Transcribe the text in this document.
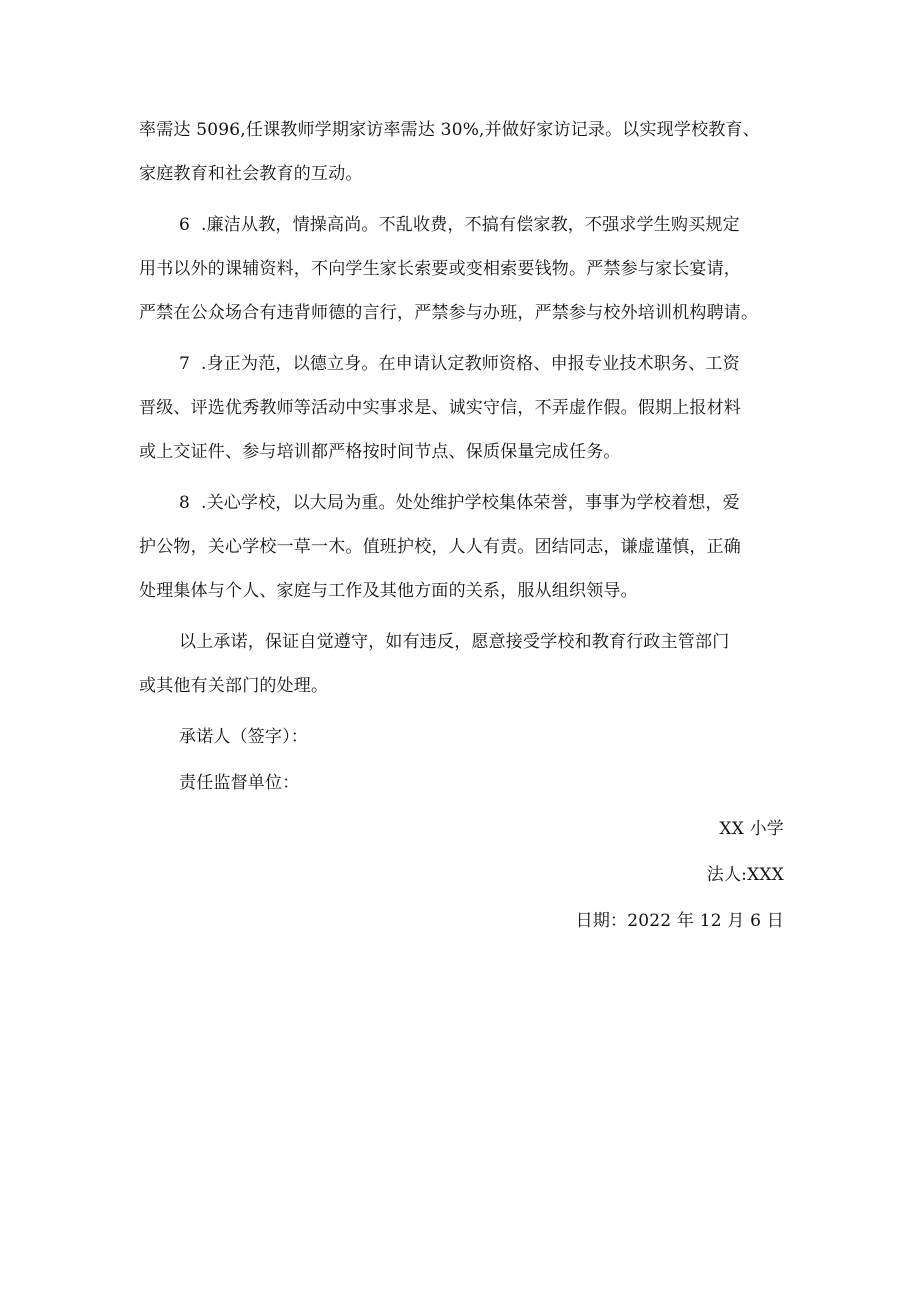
率需达 5096,任课教师学期家访率需达 30%,并做好家访记录。以实现学校教育、
家庭教育和社会教育的互动。
6 .廉洁从教，情操高尚。不乱收费，不搞有偿家教，不强求学生购买规定
用书以外的课辅资料，不向学生家长索要或变相索要钱物。严禁参与家长宴请，
严禁在公众场合有违背师德的言行，严禁参与办班，严禁参与校外培训机构聘请。
7 .身正为范，以德立身。在申请认定教师资格、申报专业技术职务、工资
晋级、评选优秀教师等活动中实事求是、诚实守信，不弄虚作假。假期上报材料
或上交证件、参与培训都严格按时间节点、保质保量完成任务。
8 .关心学校，以大局为重。处处维护学校集体荣誉，事事为学校着想，爱
护公物，关心学校一草一木。值班护校，人人有责。团结同志，谦虚谨慎，正确
处理集体与个人、家庭与工作及其他方面的关系，服从组织领导。
以上承诺，保证自觉遵守，如有违反，愿意接受学校和教育行政主管部门
或其他有关部门的处理。
承诺人（签字）：
责任监督单位：
XX 小学
法人:XXX
日期：2022 年 12 月 6 日
